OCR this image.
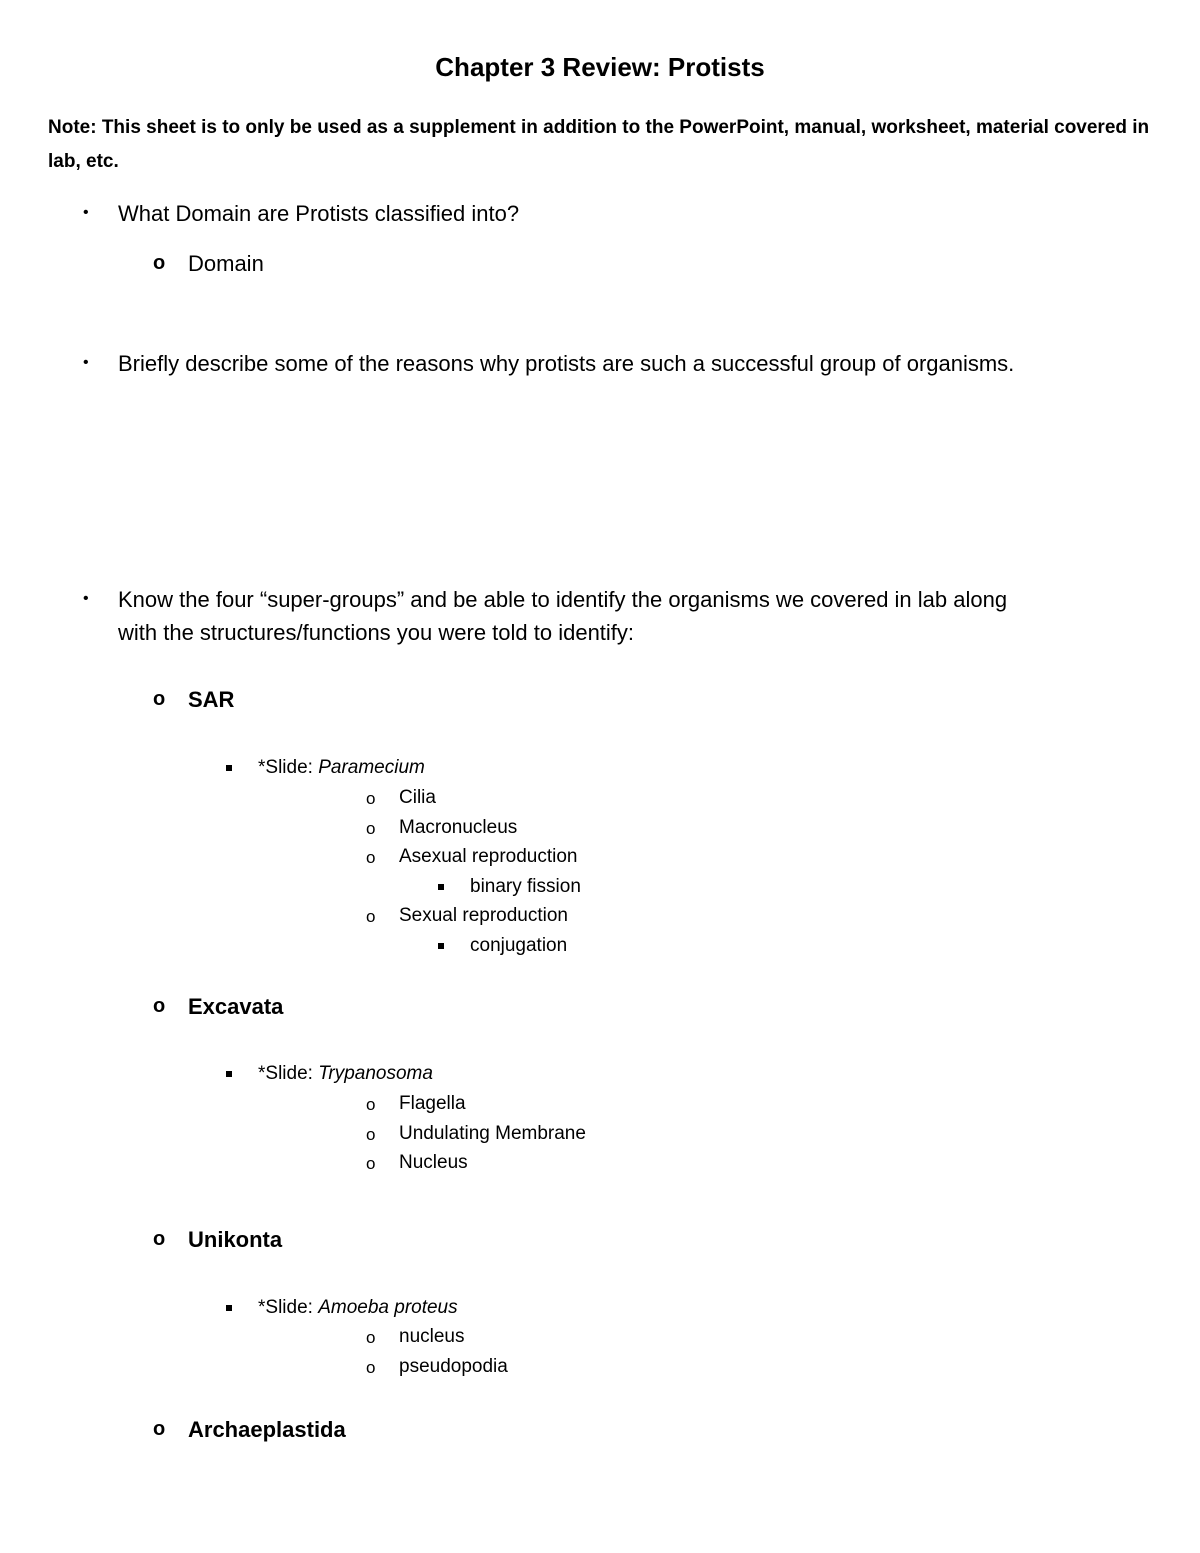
Chapter 3 Review: Protists
Note: This sheet is to only be used as a supplement in addition to the PowerPoint, manual, worksheet, material covered in lab, etc.
• What Domain are Protists classified into?
o Domain
• Briefly describe some of the reasons why protists are such a successful group of organisms.
• Know the four “super-groups” and be able to identify the organisms we covered in lab along
with the structures/functions you were told to identify:
o SAR
*Slide: Paramecium
o Cilia
o Macronucleus
o Asexual reproduction
binary fission
o Sexual reproduction
conjugation
o Excavata
*Slide: Trypanosoma
o Flagella
o Undulating Membrane
o Nucleus
o Unikonta
*Slide: Amoeba proteus
o nucleus
o pseudopodia
o Archaeplastida
